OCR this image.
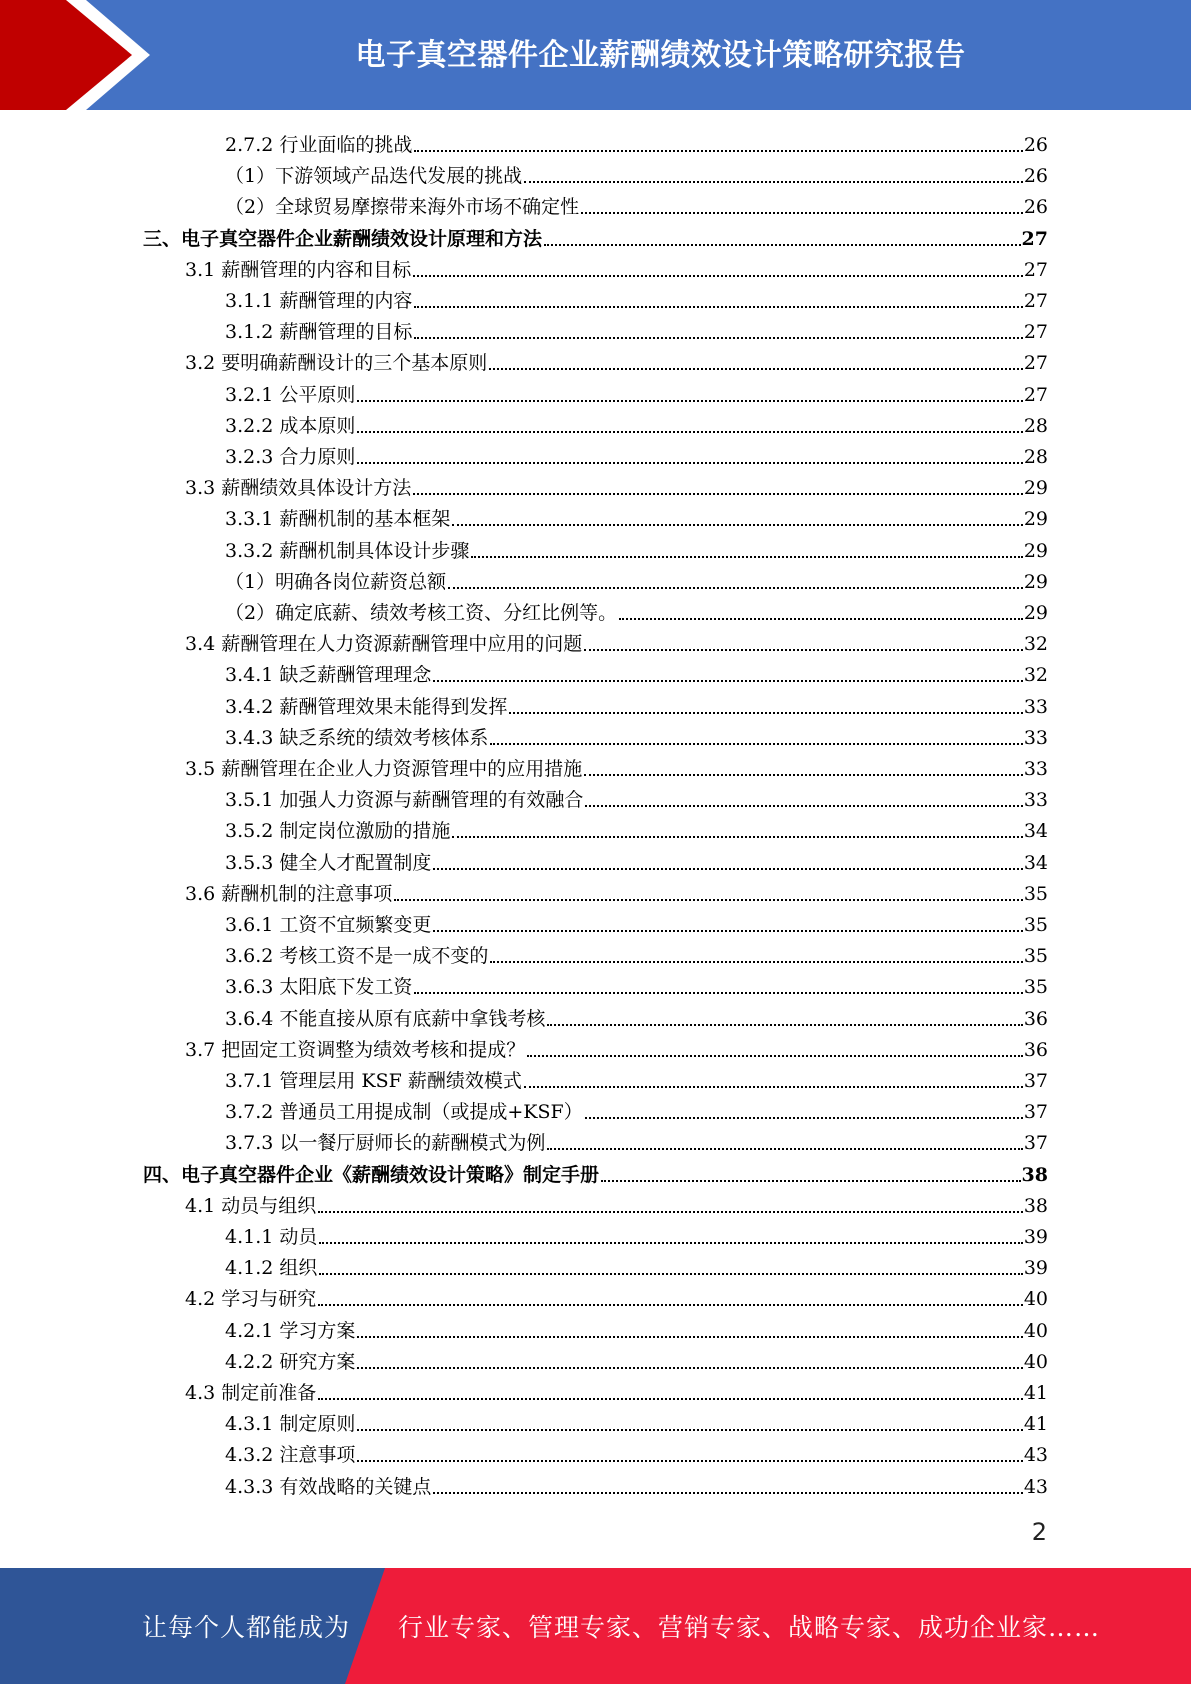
电子真空器件企业薪酬绩效设计策略研究报告
2.7.2 行业面临的挑战	26
（1）下游领域产品迭代发展的挑战	26
（2）全球贸易摩擦带来海外市场不确定性	26
三、电子真空器件企业薪酬绩效设计原理和方法	27
3.1 薪酬管理的内容和目标	27
3.1.1 薪酬管理的内容	27
3.1.2 薪酬管理的目标	27
3.2 要明确薪酬设计的三个基本原则	27
3.2.1 公平原则	27
3.2.2 成本原则	28
3.2.3 合力原则	28
3.3 薪酬绩效具体设计方法	29
3.3.1 薪酬机制的基本框架	29
3.3.2 薪酬机制具体设计步骤	29
（1）明确各岗位薪资总额	29
（2）确定底薪、绩效考核工资、分红比例等。	29
3.4 薪酬管理在人力资源薪酬管理中应用的问题	32
3.4.1 缺乏薪酬管理理念	32
3.4.2 薪酬管理效果未能得到发挥	33
3.4.3 缺乏系统的绩效考核体系	33
3.5 薪酬管理在企业人力资源管理中的应用措施	33
3.5.1 加强人力资源与薪酬管理的有效融合	33
3.5.2 制定岗位激励的措施	34
3.5.3 健全人才配置制度	34
3.6 薪酬机制的注意事项	35
3.6.1 工资不宜频繁变更	35
3.6.2 考核工资不是一成不变的	35
3.6.3 太阳底下发工资	35
3.6.4 不能直接从原有底薪中拿钱考核	36
3.7 把固定工资调整为绩效考核和提成？	36
3.7.1 管理层用 KSF 薪酬绩效模式	37
3.7.2 普通员工用提成制（或提成+KSF）	37
3.7.3 以一餐厅厨师长的薪酬模式为例	37
四、电子真空器件企业《薪酬绩效设计策略》制定手册	38
4.1 动员与组织	38
4.1.1 动员	39
4.1.2 组织	39
4.2 学习与研究	40
4.2.1 学习方案	40
4.2.2 研究方案	40
4.3 制定前准备	41
4.3.1 制定原则	41
4.3.2 注意事项	43
4.3.3 有效战略的关键点	43
2
让每个人都能成为 行业专家、管理专家、营销专家、战略专家、成功企业家……
